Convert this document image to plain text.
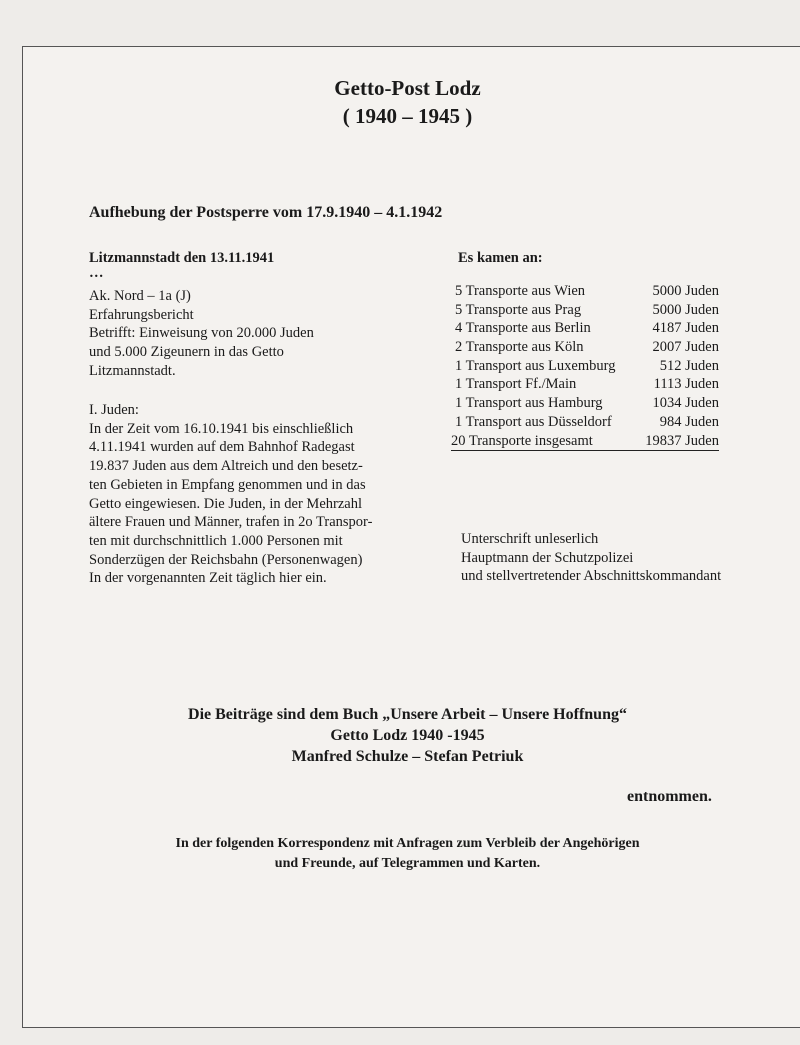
Getto-Post Lodz
( 1940 – 1945 )
Aufhebung der Postsperre vom 17.9.1940 – 4.1.1942
Litzmannstadt den 13.11.1941
…
Ak. Nord – 1a (J)
Erfahrungsbericht
Betrifft: Einweisung von 20.000 Juden
und 5.000 Zigeunern in das Getto
Litzmannstadt.
I. Juden:
In der Zeit vom 16.10.1941 bis einschließlich
4.11.1941 wurden auf dem Bahnhof Radegast
19.837 Juden aus dem Altreich und den besetz-
ten Gebieten in Empfang genommen und in das
Getto eingewiesen. Die Juden, in der Mehrzahl
ältere Frauen und Männer, trafen in 2o Transpor-
ten mit durchschnittlich 1.000 Personen mit
Sonderzügen der Reichsbahn (Personenwagen)
In der vorgenannten Zeit täglich hier ein.
Es kamen an:
5 Transporte aus Wien	5000 Juden
5 Transporte aus Prag	5000 Juden
4 Transporte aus Berlin	4187 Juden
2 Transporte aus Köln	2007 Juden
1 Transport aus Luxemburg	512 Juden
1 Transport Ff./Main	1113 Juden
1 Transport aus Hamburg	1034 Juden
1 Transport aus Düsseldorf	984 Juden
20 Transporte insgesamt	19837 Juden
Unterschrift unleserlich
Hauptmann der Schutzpolizei
und stellvertretender Abschnittskommandant
Die Beiträge sind dem Buch „Unsere Arbeit – Unsere Hoffnung“
Getto Lodz 1940 -1945
Manfred Schulze – Stefan Petriuk
entnommen.
In der folgenden Korrespondenz mit Anfragen zum Verbleib der Angehörigen
und Freunde, auf Telegrammen und Karten.
